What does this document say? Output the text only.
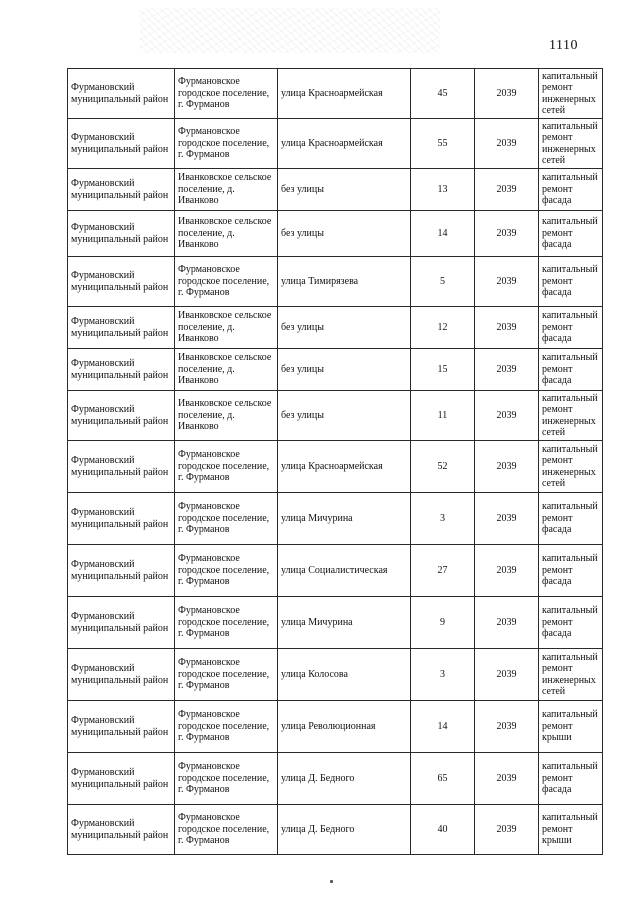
1110
Фурмановский муниципальный район	Фурмановское городское поселение, г. Фурманов	улица Красноармейская	45	2039	капитальный ремонт инженерных сетей
Фурмановский муниципальный район	Фурмановское городское поселение, г. Фурманов	улица Красноармейская	55	2039	капитальный ремонт инженерных сетей
Фурмановский муниципальный район	Иванковское сельское поселение, д. Иванково	без улицы	13	2039	капитальный ремонт фасада
Фурмановский муниципальный район	Иванковское сельское поселение, д. Иванково	без улицы	14	2039	капитальный ремонт фасада
Фурмановский муниципальный район	Фурмановское городское поселение, г. Фурманов	улица Тимирязева	5	2039	капитальный ремонт фасада
Фурмановский муниципальный район	Иванковское сельское поселение, д. Иванково	без улицы	12	2039	капитальный ремонт фасада
Фурмановский муниципальный район	Иванковское сельское поселение, д. Иванково	без улицы	15	2039	капитальный ремонт фасада
Фурмановский муниципальный район	Иванковское сельское поселение, д. Иванково	без улицы	11	2039	капитальный ремонт инженерных сетей
Фурмановский муниципальный район	Фурмановское городское поселение, г. Фурманов	улица Красноармейская	52	2039	капитальный ремонт инженерных сетей
Фурмановский муниципальный район	Фурмановское городское поселение, г. Фурманов	улица Мичурина	3	2039	капитальный ремонт фасада
Фурмановский муниципальный район	Фурмановское городское поселение, г. Фурманов	улица Социалистическая	27	2039	капитальный ремонт фасада
Фурмановский муниципальный район	Фурмановское городское поселение, г. Фурманов	улица Мичурина	9	2039	капитальный ремонт фасада
Фурмановский муниципальный район	Фурмановское городское поселение, г. Фурманов	улица Колосова	3	2039	капитальный ремонт инженерных сетей
Фурмановский муниципальный район	Фурмановское городское поселение, г. Фурманов	улица Революционная	14	2039	капитальный ремонт крыши
Фурмановский муниципальный район	Фурмановское городское поселение, г. Фурманов	улица Д. Бедного	65	2039	капитальный ремонт фасада
Фурмановский муниципальный район	Фурмановское городское поселение, г. Фурманов	улица Д. Бедного	40	2039	капитальный ремонт крыши
